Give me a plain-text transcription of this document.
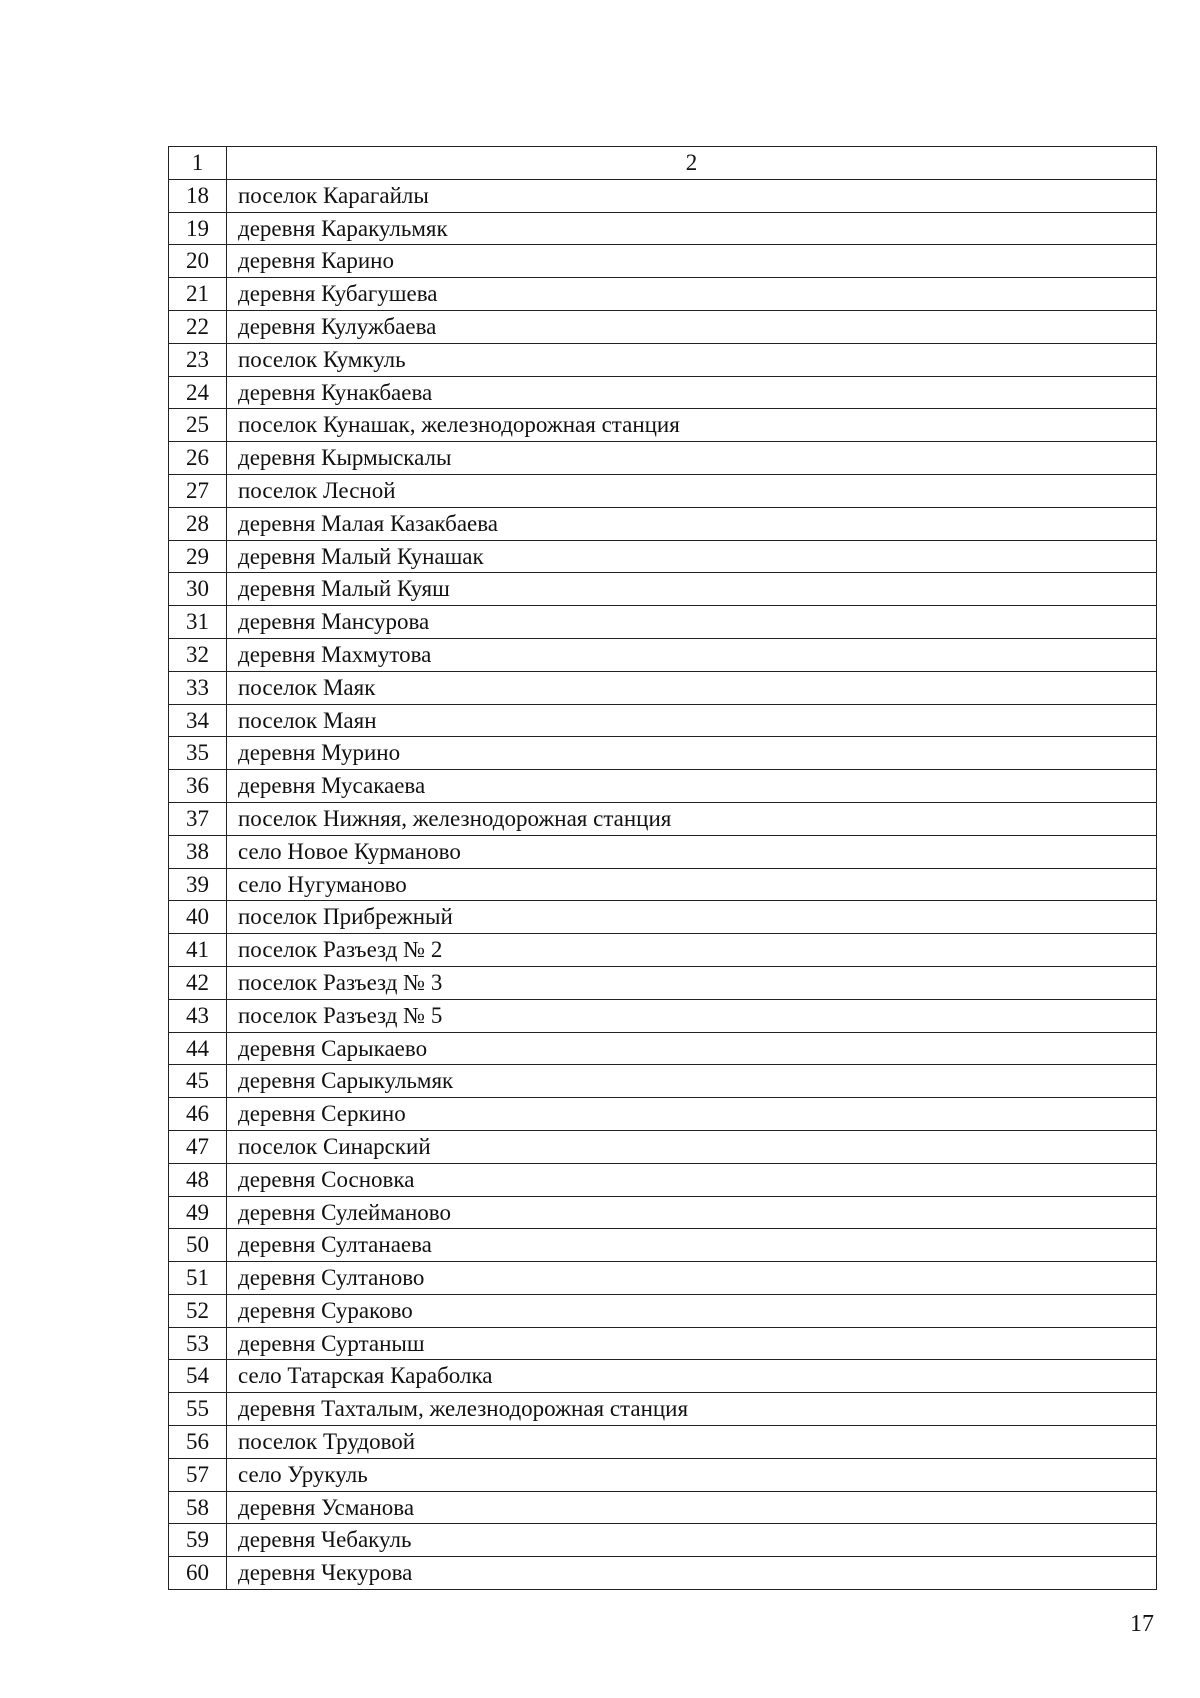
1	2
18	поселок Карагайлы
19	деревня Каракульмяк
20	деревня Карино
21	деревня Кубагушева
22	деревня Кулужбаева
23	поселок Кумкуль
24	деревня Кунакбаева
25	поселок Кунашак, железнодорожная станция
26	деревня Кырмыскалы
27	поселок Лесной
28	деревня Малая Казакбаева
29	деревня Малый Кунашак
30	деревня Малый Куяш
31	деревня Мансурова
32	деревня Махмутова
33	поселок Маяк
34	поселок Маян
35	деревня Мурино
36	деревня Мусакаева
37	поселок Нижняя, железнодорожная станция
38	село Новое Курманово
39	село Нугуманово
40	поселок Прибрежный
41	поселок Разъезд № 2
42	поселок Разъезд № 3
43	поселок Разъезд № 5
44	деревня Сарыкаево
45	деревня Сарыкульмяк
46	деревня Серкино
47	поселок Синарский
48	деревня Сосновка
49	деревня Сулейманово
50	деревня Султанаева
51	деревня Султаново
52	деревня Сураково
53	деревня Суртаныш
54	село Татарская Караболка
55	деревня Тахталым, железнодорожная станция
56	поселок Трудовой
57	село Урукуль
58	деревня Усманова
59	деревня Чебакуль
60	деревня Чекурова
17
